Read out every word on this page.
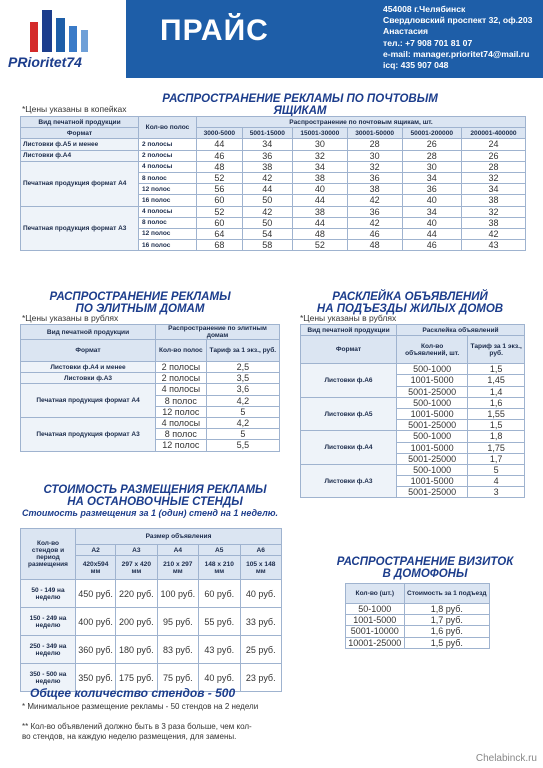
PRioritet74
ПРАЙС
454008 г.Челябинск
Свердловский проспект 32, оф.203
Анастасия
тел.: +7 908 701 81 07
e-mail: manager.prioritet74@mail.ru
icq: 435 907 048
РАСПРОСТРАНЕНИЕ РЕКЛАМЫ ПО ПОЧТОВЫМ ЯЩИКАМ
*Цены указаны в копейках
Вид печатной продукции	Кол-во полос	Распространение по почтовым ящикам, шт.					
Формат		3000-5000	5001-15000	15001-30000	30001-50000	50001-200000	200001-400000
Листовки ф.А5 и менее	2 полосы	44	34	30	28	26	24
Листовки ф.А4	2 полосы	46	36	32	30	28	26
Печатная продукция формат А4	4 полосы	48	38	34	32	30	28
	8 полос	52	42	38	36	34	32
	12 полос	56	44	40	38	36	34
	16 полос	60	50	44	42	40	38
Печатная продукция формат А3	4 полосы	52	42	38	36	34	32
	8 полос	60	50	44	42	40	38
	12 полос	64	54	48	46	44	42
	16 полос	68	58	52	48	46	43
РАСПРОСТРАНЕНИЕ РЕКЛАМЫ
ПО ЭЛИТНЫМ ДОМАМ
*Цены указаны в рублях
Вид печатной продукции	Распространение по элитным домам	
Формат	Кол-во полос	Тариф за 1 экз., руб.
Листовки ф.А4 и менее	2 полосы	2,5
Листовки ф.А3	2 полосы	3,5
Печатная продукция формат А4	4 полосы	3,6
	8 полос	4,2
	12 полос	5
Печатная продукция формат А3	4 полосы	4,2
	8 полос	5
	12 полос	5,5
РАСКЛЕЙКА ОБЪЯВЛЕНИЙ
НА ПОДЪЕЗДЫ ЖИЛЫХ ДОМОВ
*Цены указаны в рублях
Вид печатной продукции	Расклейка объявлений	
Формат	Кол-во объявлений, шт.	Тариф за 1 экз., руб.
Листовки ф.А6	500-1000	1,5
	1001-5000	1,45
	5001-25000	1,4
Листовки ф.А5	500-1000	1,6
	1001-5000	1,55
	5001-25000	1,5
Листовки ф.А4	500-1000	1,8
	1001-5000	1,75
	5001-25000	1,7
Листовки ф.А3	500-1000	5
	1001-5000	4
	5001-25000	3
СТОИМОСТЬ РАЗМЕЩЕНИЯ РЕКЛАМЫ
НА ОСТАНОВОЧНЫЕ СТЕНДЫ
Стоимость размещения за 1 (один) стенд на 1 неделю.
Кол-во стендов и период размещения	Размер объявления				
	А2	А3	А4	А5	А6
	420х594 мм	297 х 420 мм	210 х 297 мм	148 х 210 мм	105 х 148 мм
50 - 149 на неделю	450 руб.	220 руб.	100 руб.	60 руб.	40 руб.
150 - 249 на неделю	400 руб.	200 руб.	95 руб.	55 руб.	33 руб.
250 - 349 на неделю	360 руб.	180 руб.	83 руб.	43 руб.	25 руб.
350 - 500 на неделю	350 руб.	175 руб.	75 руб.	40 руб.	23 руб.
РАСПРОСТРАНЕНИЕ ВИЗИТОК
В ДОМОФОНЫ
Кол-во (шт.)	Стоимость за 1 подъезд
50-1000	1,8 руб.
1001-5000	1,7 руб.
5001-10000	1,6 руб.
10001-25000	1,5 руб.
Общее количество стендов - 500
* Минимальное размещение рекламы - 50 стендов на 2 недели
** Кол-во объявлений должно быть в 3 раза больше, чем кол-во стендов, на каждую неделю размещения, для замены.
Chelabinck.ru
